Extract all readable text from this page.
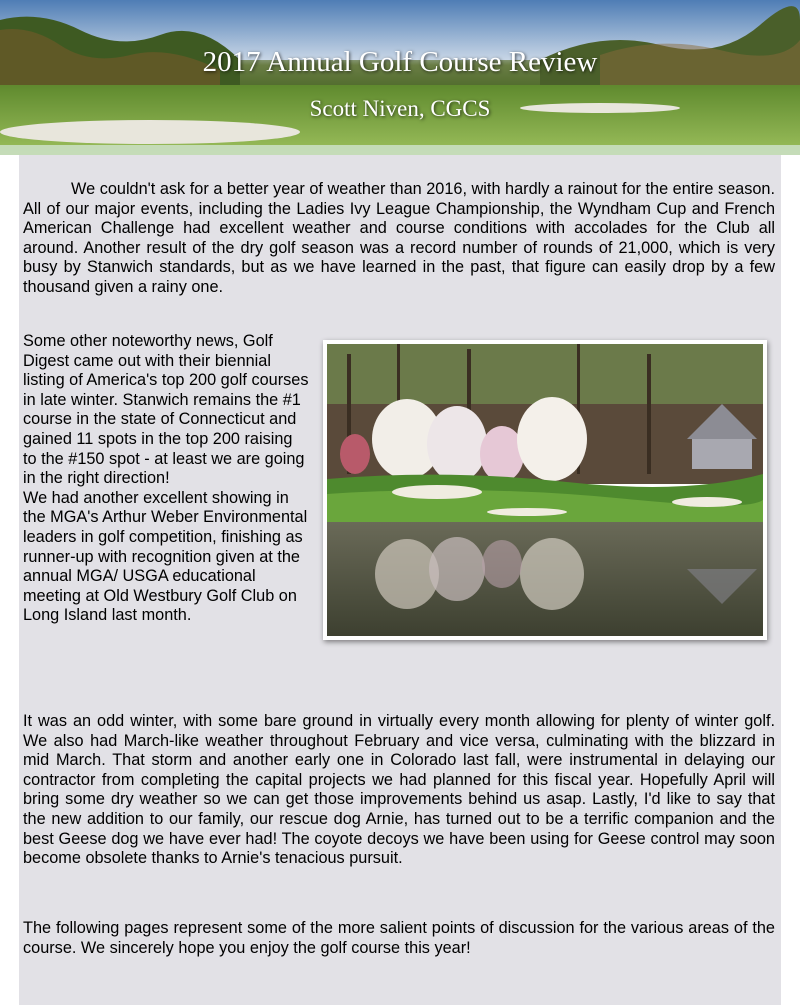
2017 Annual Golf Course Review
Scott Niven, CGCS
We couldn't ask for a better year of weather than 2016, with hardly a rainout for the entire season. All of our major events, including the Ladies Ivy League Championship, the Wyndham Cup and French American Challenge had excellent weather and course conditions with accolades for the Club all around. Another result of the dry golf season was a record number of rounds of 21,000, which is very busy by Stanwich standards, but as we have learned in the past, that figure can easily drop by a few thousand given a rainy one.

Some other noteworthy news, Golf Digest came out with their biennial listing of America's top 200 golf courses in late winter. Stanwich remains the #1 course in the state of Connecticut and gained 11 spots in the top 200 raising to the #150 spot - at least we are going in the right direction!

We had another excellent showing in the MGA's Arthur Weber Environmental leaders in golf competition, finishing as runner-up with recognition given at the annual MGA/ USGA educational meeting at Old Westbury Golf Club on Long Island last month.

It was an odd winter, with some bare ground in virtually every month allowing for plenty of winter golf. We also had March-like weather throughout February and vice versa, culminating with the blizzard in mid March. That storm and another early one in Colorado last fall, were instrumental in delaying our contractor from completing the capital projects we had planned for this fiscal year. Hopefully April will bring some dry weather so we can get those improvements behind us asap. Lastly, I'd like to say that the new addition to our family, our rescue dog Arnie, has turned out to be a terrific companion and the best Geese dog we have ever had! The coyote decoys we have been using for Geese control may soon become obsolete thanks to Arnie's tenacious pursuit.
The following pages represent some of the more salient points of discussion for the various areas of the course. We sincerely hope you enjoy the golf course this year!
